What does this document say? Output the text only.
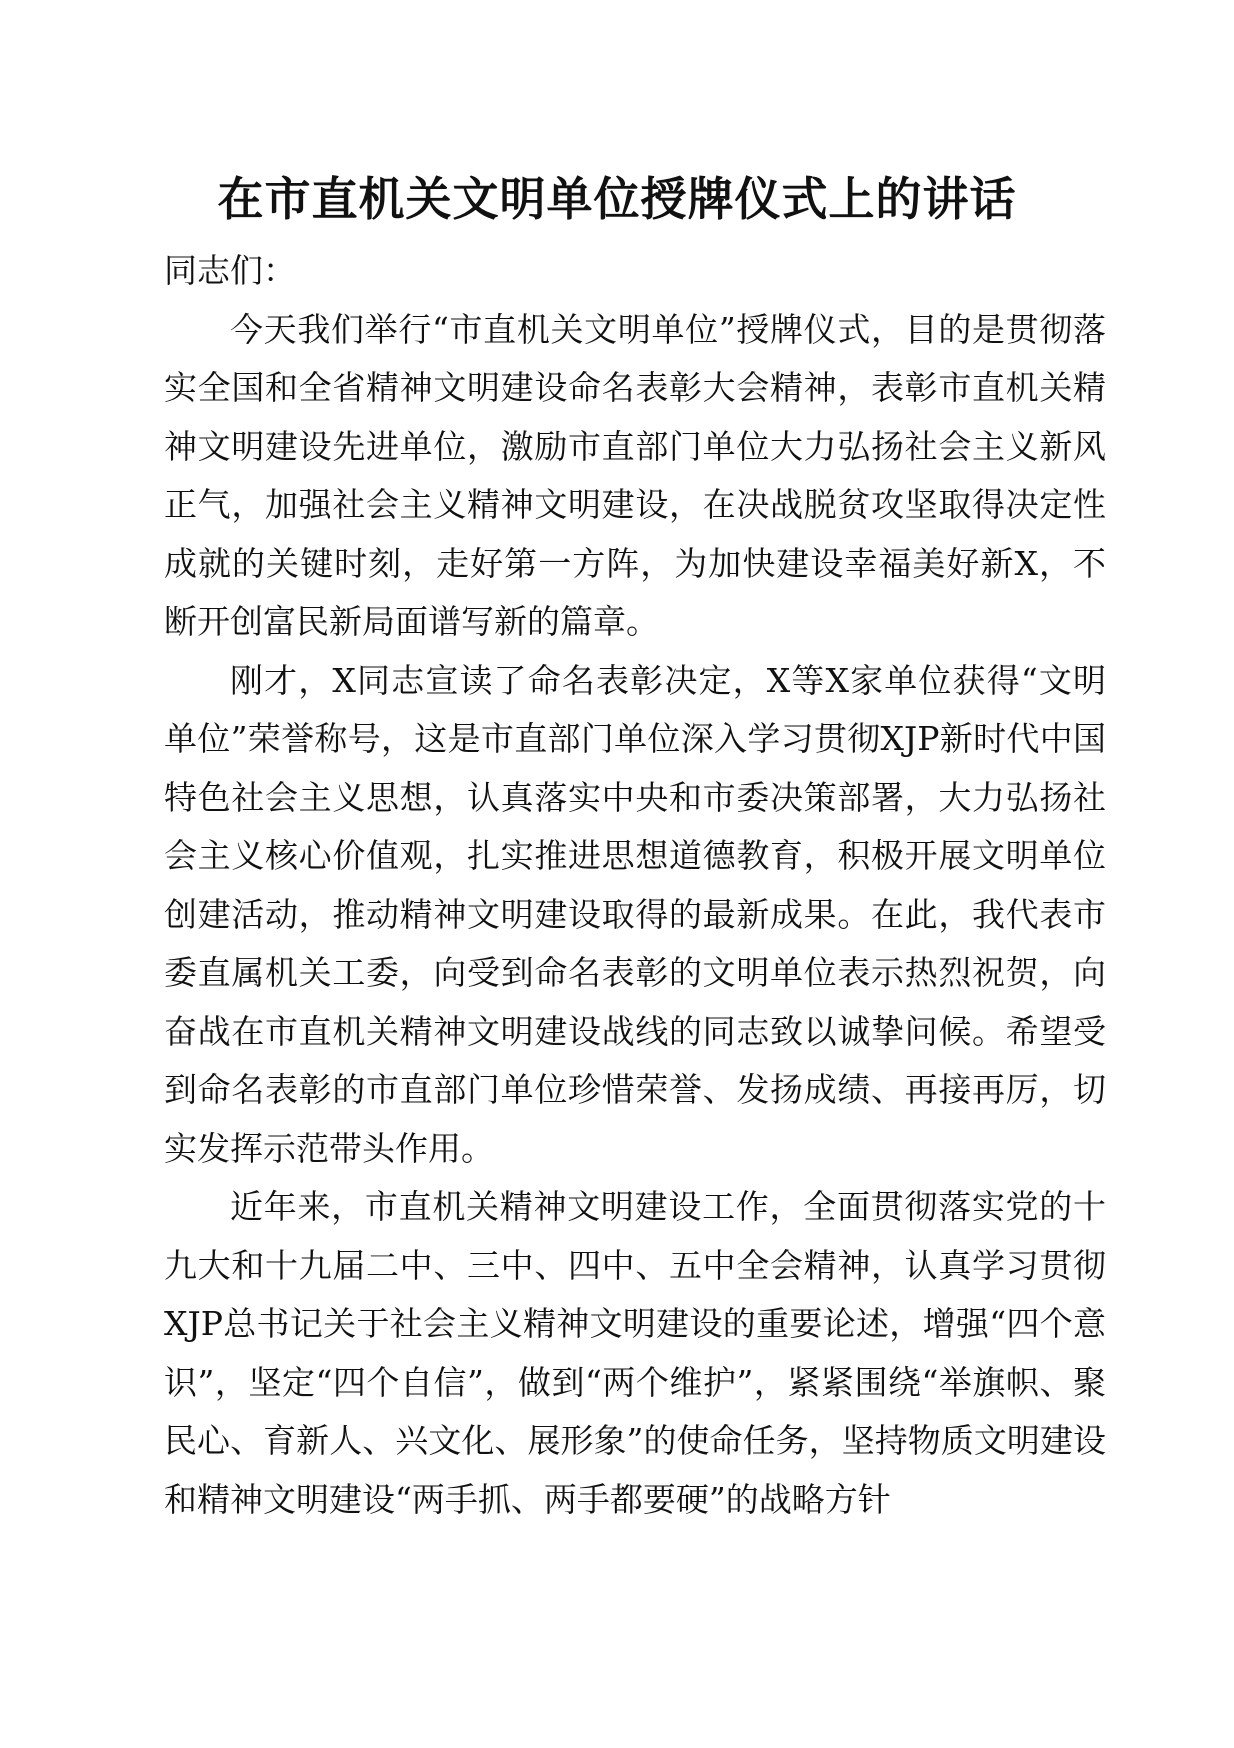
在市直机关文明单位授牌仪式上的讲话

同志们：

今天我们举行“市直机关文明单位”授牌仪式，目的是贯彻落实全国和全省精神文明建设命名表彰大会精神，表彰市直机关精神文明建设先进单位，激励市直部门单位大力弘扬社会主义新风正气，加强社会主义精神文明建设，在决战脱贫攻坚取得决定性成就的关键时刻，走好第一方阵，为加快建设幸福美好新X，不断开创富民新局面谱写新的篇章。

刚才，X同志宣读了命名表彰决定，X等X家单位获得“文明单位”荣誉称号，这是市直部门单位深入学习贯彻XJP新时代中国特色社会主义思想，认真落实中央和市委决策部署，大力弘扬社会主义核心价值观，扎实推进思想道德教育，积极开展文明单位创建活动，推动精神文明建设取得的最新成果。在此，我代表市委直属机关工委，向受到命名表彰的文明单位表示热烈祝贺，向奋战在市直机关精神文明建设战线的同志致以诚挚问候。希望受到命名表彰的市直部门单位珍惜荣誉、发扬成绩、再接再厉，切实发挥示范带头作用。

近年来，市直机关精神文明建设工作，全面贯彻落实党的十九大和十九届二中、三中、四中、五中全会精神，认真学习贯彻XJP总书记关于社会主义精神文明建设的重要论述，增强“四个意识”，坚定“四个自信”，做到“两个维护”，紧紧围绕“举旗帜、聚民心、育新人、兴文化、展形象”的使命任务，坚持物质文明建设和精神文明建设“两手抓、两手都要硬”的战略方针
